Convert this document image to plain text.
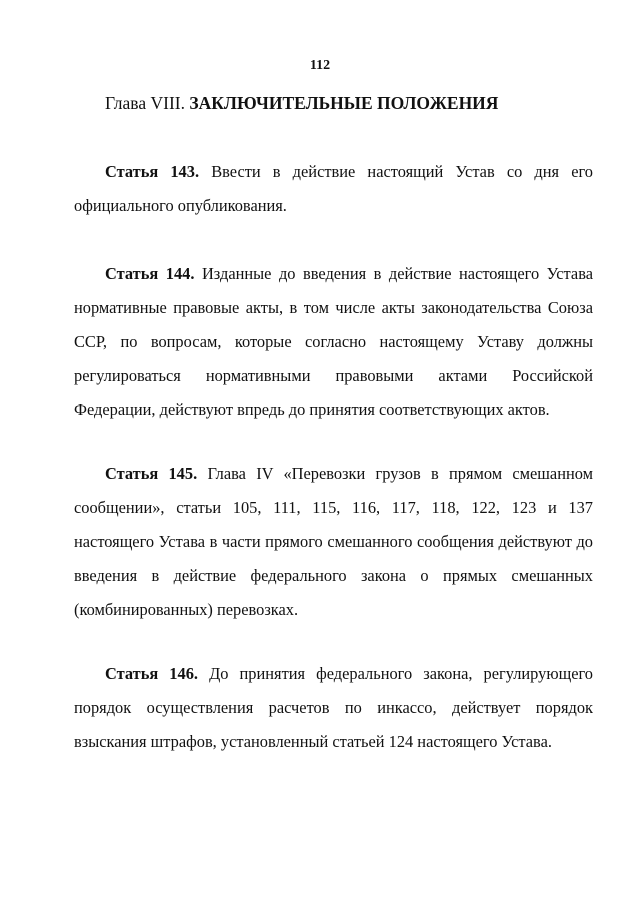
112
Глава VIII. ЗАКЛЮЧИТЕЛЬНЫЕ ПОЛОЖЕНИЯ

Статья 143. Ввести в действие настоящий Устав со дня его официального опубликования.

Статья 144. Изданные до введения в действие настоящего Устава нормативные правовые акты, в том числе акты законодательства Союза ССР, по вопросам, которые согласно настоящему Уставу должны регулироваться нормативными правовыми актами Российской Федерации, действуют впредь до принятия соответствующих актов.

Статья 145. Глава IV «Перевозки грузов в прямом смешанном сообщении», статьи 105, 111, 115, 116, 117, 118, 122, 123 и 137 настоящего Устава в части прямого смешанного сообщения действуют до введения в действие федерального закона о прямых смешанных (комбинированных) перевозках.

Статья 146. До принятия федерального закона, регулирующего порядок осуществления расчетов по инкассо, действует порядок взыскания штрафов, установленный статьей 124 настоящего Устава.
